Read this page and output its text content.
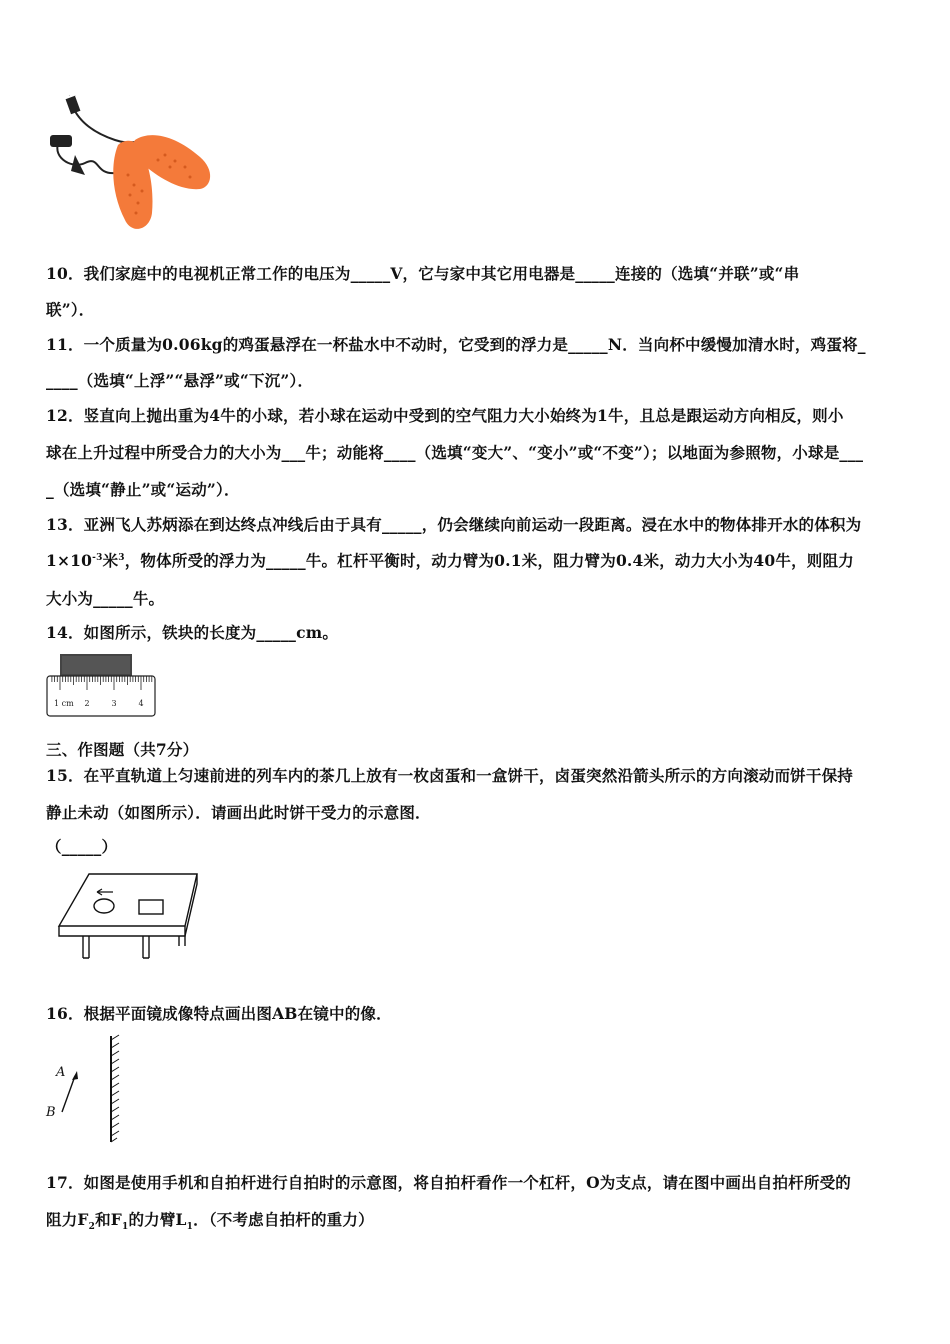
10．我们家庭中的电视机正常工作的电压为_____V，它与家中其它用电器是_____连接的（选填“并联”或“串
联”）．
11．一个质量为0.06kg的鸡蛋悬浮在一杯盐水中不动时，它受到的浮力是_____N．当向杯中缓慢加清水时，鸡蛋将_
____（选填“上浮”“悬浮”或“下沉”）．
12．竖直向上抛出重为4牛的小球，若小球在运动中受到的空气阻力大小始终为1牛，且总是跟运动方向相反，则小
球在上升过程中所受合力的大小为___牛；动能将____（选填“变大”、“变小”或“不变”）；以地面为参照物，小球是___
_（选填“静止”或“运动”）．
13．亚洲飞人苏炳添在到达终点冲线后由于具有_____，仍会继续向前运动一段距离。浸在水中的物体排开水的体积为
$1\times 10^{-3}$米$^3$，物体所受的浮力为_____牛。杠杆平衡时，动力臂为0.1米，阻力臂为0.4米，动力大小为40牛，则阻力
大小为_____牛。
14．如图所示，铁块的长度为_____cm。
1 cm 2	3	4
三、作图题（共7分）
15．在平直轨道上匀速前进的列车内的茶几上放有一枚卤蛋和一盒饼干，卤蛋突然沿箭头所示的方向滚动而饼干保持
静止未动（如图所示）．请画出此时饼干受力的示意图．
（_____）
16．根据平面镜成像特点画出图AB在镜中的像．
A
B
17．如图是使用手机和自拍杆进行自拍时的示意图，将自拍杆看作一个杠杆，O为支点，请在图中画出自拍杆所受的
阻力$F_2$和$F_1$的力臂$L_1$．（不考虑自拍杆的重力）
